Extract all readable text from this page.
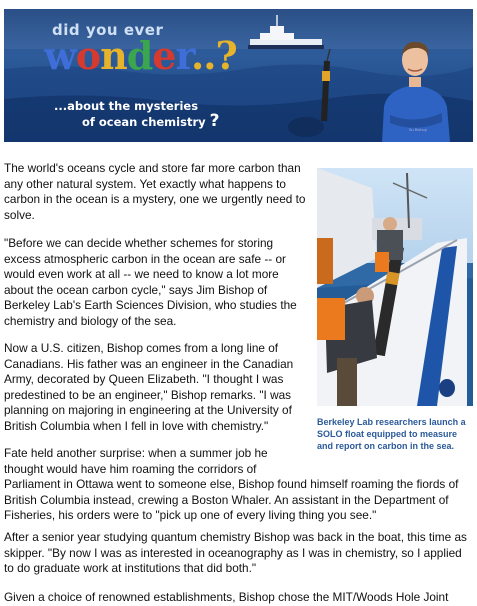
did you ever
wonder..?
...about the mysteries
of ocean chemistry ?	Su Bishop

The world's oceans cycle and store far more carbon than any other natural system. Yet exactly what happens to carbon in the ocean is a mystery, one we urgently need to solve.

"Before we can decide whether schemes for storing excess atmospheric carbon in the ocean are safe -- or would even work at all -- we need to know a lot more about the ocean carbon cycle," says Jim Bishop of Berkeley Lab's Earth Sciences Division, who studies the chemistry and biology of the sea.

Now a U.S. citizen, Bishop comes from a long line of Canadians. His father was an engineer in the Canadian Army, decorated by Queen Elizabeth. "I thought I was predestined to be an engineer," Bishop remarks. "I was planning on majoring in engineering at the University of British Columbia when I fell in love with chemistry."

Fate held another surprise: when a summer job he thought would have him roaming the corridors of

Parliament in Ottawa went to someone else, Bishop found himself roaming the fiords of British Columbia instead, crewing a Boston Whaler. An assistant in the Department of Fisheries, his orders were to "pick up one of every living thing you see."

After a senior year studying quantum chemistry Bishop was back in the boat, this time as skipper. "By now I was as interested in oceanography as I was in chemistry, so I applied to do graduate work at institutions that did both."

Given a choice of renowned establishments, Bishop chose the MIT/Woods Hole Joint

Berkeley Lab researchers launch a SOLO float equipped to measure and report on carbon in the sea.
